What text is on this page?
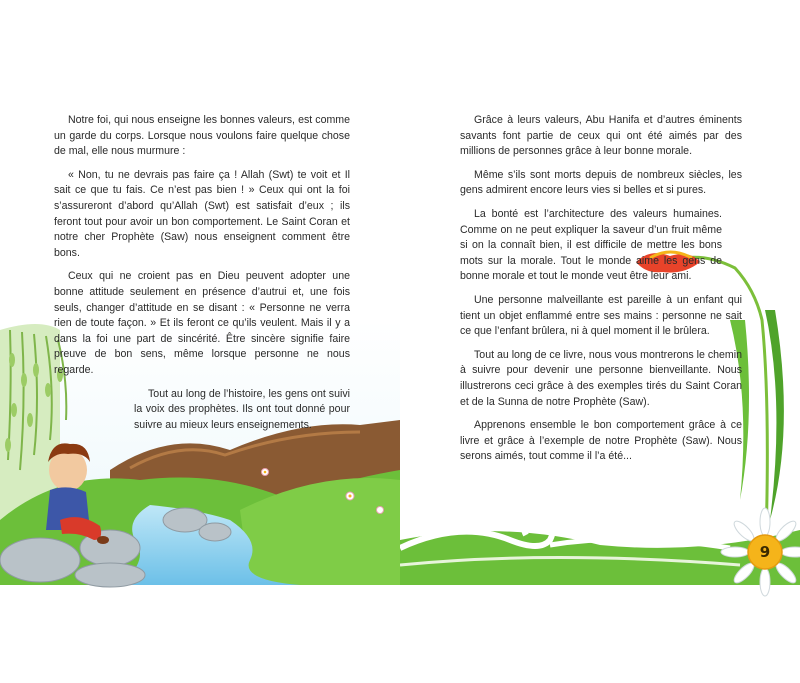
Notre foi, qui nous enseigne les bonnes valeurs, est comme un garde du corps. Lorsque nous voulons faire quelque chose de mal, elle nous murmure :

« Non, tu ne devrais pas faire ça ! Allah (Swt) te voit et Il sait ce que tu fais. Ce n’est pas bien ! » Ceux qui ont la foi s’assureront d’abord qu’Allah (Swt) est satisfait d’eux ; ils feront tout pour avoir un bon comportement. Le Saint Coran et notre cher Prophète (Saw) nous enseignent comment être bons.

Ceux qui ne croient pas en Dieu peuvent adopter une bonne attitude seulement en présence d’autrui et, une fois seuls, changer d’attitude en se disant : « Personne ne verra rien de toute façon. » Et ils feront ce qu’ils veulent. Mais il y a dans la foi une part de sincérité. Être sincère signifie faire preuve de bon sens, même lorsque personne ne nous regarde.

Tout au long de l’histoire, les gens ont suivi la voix des prophètes. Ils ont tout donné pour suivre au mieux leurs enseignements.

Grâce à leurs valeurs, Abu Hanifa et d’autres éminents savants font partie de ceux qui ont été aimés par des millions de personnes grâce à leur bonne morale.

Même s’ils sont morts depuis de nombreux siècles, les gens admirent encore leurs vies si belles et si pures.

La bonté est l’architecture des valeurs humaines. Comme on ne peut expliquer la saveur d’un fruit même si on la connaît bien, il est difficile de mettre les bons mots sur la morale. Tout le monde aime les gens de bonne morale et tout le monde veut être leur ami.

Une personne malveillante est pareille à un enfant qui tient un objet enflammé entre ses mains : personne ne sait ce que l’enfant brûlera, ni à quel moment il le brûlera.

Tout au long de ce livre, nous vous montrerons le chemin à suivre pour devenir une personne bienveillante. Nous illustrerons ceci grâce à des exemples tirés du Saint Coran et de la Sunna de notre Prophète (Saw).

Apprenons ensemble le bon comportement grâce à ce livre et grâce à l’exemple de notre Prophète (Saw). Nous serons aimés, tout comme il l’a été...

9
